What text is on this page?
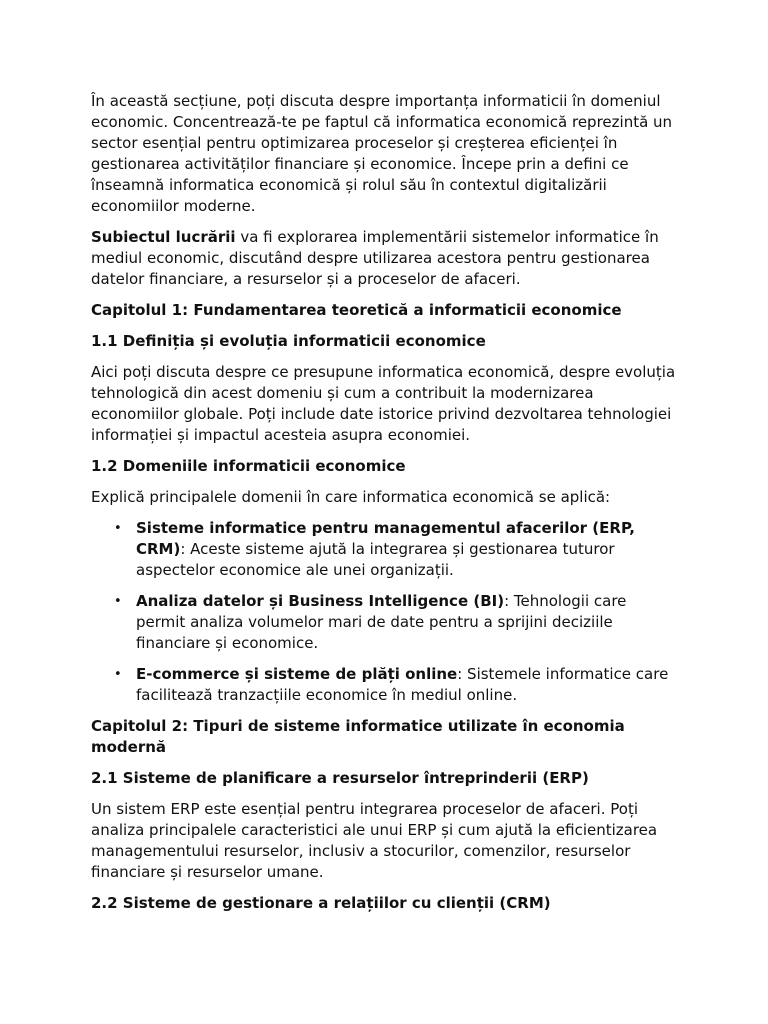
În această secțiune, poți discuta despre importanța informaticii în domeniul economic. Concentrează-te pe faptul că informatica economică reprezintă un sector esențial pentru optimizarea proceselor și creșterea eficienței în gestionarea activităților financiare și economice. Începe prin a defini ce înseamnă informatica economică și rolul său în contextul digitalizării economiilor moderne.

Subiectul lucrării va fi explorarea implementării sistemelor informatice în mediul economic, discutând despre utilizarea acestora pentru gestionarea datelor financiare, a resurselor și a proceselor de afaceri.

Capitolul 1: Fundamentarea teoretică a informaticii economice
1.1 Definiția și evoluția informaticii economice

Aici poți discuta despre ce presupune informatica economică, despre evoluția tehnologică din acest domeniu și cum a contribuit la modernizarea economiilor globale. Poți include date istorice privind dezvoltarea tehnologiei informației și impactul acesteia asupra economiei.

1.2 Domeniile informaticii economice

Explică principalele domenii în care informatica economică se aplică:

• Sisteme informatice pentru managementul afacerilor (ERP, CRM): Aceste sisteme ajută la integrarea și gestionarea tuturor aspectelor economice ale unei organizații.
• Analiza datelor și Business Intelligence (BI): Tehnologii care permit analiza volumelor mari de date pentru a sprijini deciziile financiare și economice.
• E-commerce și sisteme de plăți online: Sistemele informatice care facilitează tranzacțiile economice în mediul online.
Capitolul 2: Tipuri de sisteme informatice utilizate în economia modernă
2.1 Sisteme de planificare a resurselor întreprinderii (ERP)

Un sistem ERP este esențial pentru integrarea proceselor de afaceri. Poți analiza principalele caracteristici ale unui ERP și cum ajută la eficientizarea managementului resurselor, inclusiv a stocurilor, comenzilor, resurselor financiare și resurselor umane.

2.2 Sisteme de gestionare a relațiilor cu clienții (CRM)
